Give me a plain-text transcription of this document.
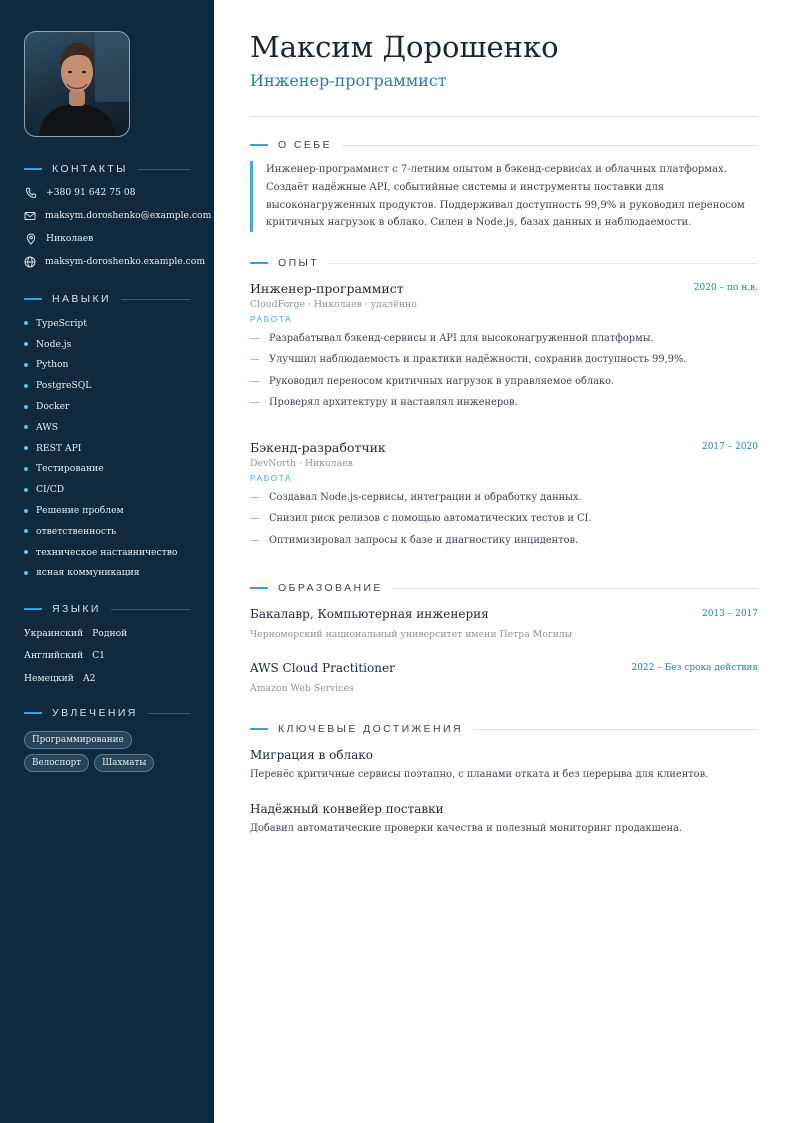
КОНТАКТЫ
+380 91 642 75 08
maksym.doroshenko@example.com
Николаев
maksym-doroshenko.example.com
НАВЫКИ
TypeScript
Node.js
Python
PostgreSQL
Docker
AWS
REST API
Тестирование
CI/CD
Решение проблем
ответственность
техническое наставничество
ясная коммуникация
ЯЗЫКИ
Украинский Родной
Английский C1
Немецкий A2
УВЛЕЧЕНИЯ
Программирование
Велоспорт	Шахматы
Максим Дорошенко
Инженер-программист
О СЕБЕ
Инженер-программист с 7-летним опытом в бэкенд-сервисах и облачных платформах. Создаёт надёжные API, событийные системы и инструменты поставки для высоконагруженных продуктов. Поддерживал доступность 99,9% и руководил переносом критичных нагрузок в облако. Силен в Node.js, базах данных и наблюдаемости.
ОПЫТ
Инженер-программист	2020 – по н.в.
CloudForge · Николаев · удалённо
РАБОТА
— Разрабатывал бэкенд-сервисы и API для высоконагруженной платформы.
— Улучшил наблюдаемость и практики надёжности, сохранив доступность 99,9%.
— Руководил переносом критичных нагрузок в управляемое облако.
— Проверял архитектуру и наставлял инженеров.
Бэкенд-разработчик	2017 – 2020
DevNorth · Николаев
РАБОТА
— Создавал Node.js-сервисы, интеграции и обработку данных.
— Снизил риск релизов с помощью автоматических тестов и CI.
— Оптимизировал запросы к базе и диагностику инцидентов.
ОБРАЗОВАНИЕ
Бакалавр, Компьютерная инженерия	2013 – 2017
Черноморский национальный университет имени Петра Могилы
AWS Cloud Practitioner	2022 – Без срока действия
Amazon Web Services
КЛЮЧЕВЫЕ ДОСТИЖЕНИЯ
Миграция в облако
Перенёс критичные сервисы поэтапно, с планами отката и без перерыва для клиентов.
Надёжный конвейер поставки
Добавил автоматические проверки качества и полезный мониторинг продакшена.
